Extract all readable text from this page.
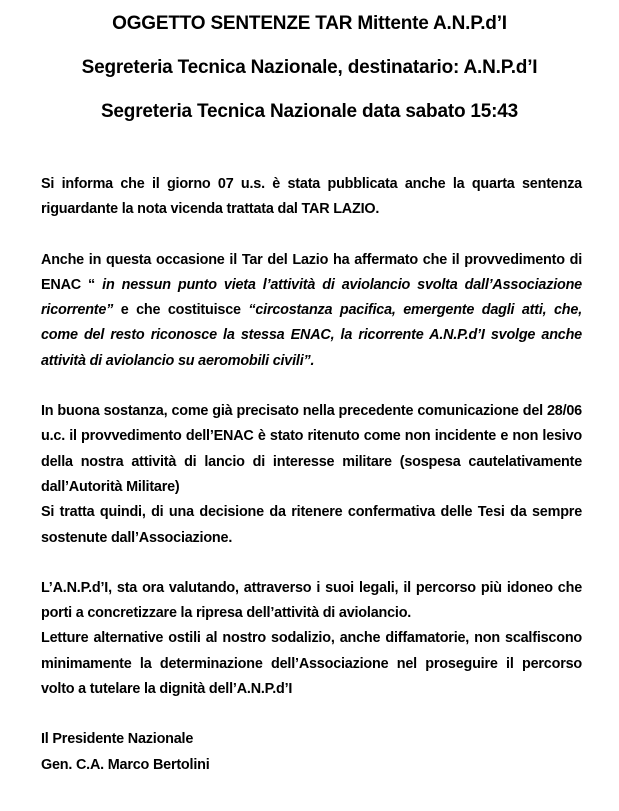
OGGETTO SENTENZE TAR Mittente A.N.P.d’I
Segreteria Tecnica Nazionale, destinatario: A.N.P.d’I
Segreteria Tecnica Nazionale data sabato 15:43

Si informa che il giorno 07 u.s. è stata pubblicata anche la quarta sentenza riguardante la nota vicenda trattata dal TAR LAZIO.

Anche in questa occasione il Tar del Lazio ha affermato che il provvedimento di ENAC “ in nessun punto vieta l’attività di aviolancio svolta dall’Associazione ricorrente” e che costituisce “circostanza pacifica, emergente dagli atti, che, come del resto riconosce la stessa ENAC, la ricorrente A.N.P.d’I svolge anche attività di aviolancio su aeromobili civili”.

In buona sostanza, come già precisato nella precedente comunicazione del 28/06 u.c. il provvedimento dell’ENAC è stato ritenuto come non incidente e non lesivo della nostra attività di lancio di interesse militare (sospesa cautelativamente dall’Autorità Militare)

Si tratta quindi, di una decisione da ritenere confermativa delle Tesi da sempre sostenute dall’Associazione.

L’A.N.P.d’I, sta ora valutando, attraverso i suoi legali, il percorso più idoneo che porti a concretizzare la ripresa dell’attività di aviolancio.

Letture alternative ostili al nostro sodalizio, anche diffamatorie, non scalfiscono minimamente la determinazione dell’Associazione nel proseguire il percorso volto a tutelare la dignità dell’A.N.P.d’I

Il Presidente Nazionale

Gen. C.A. Marco Bertolini
